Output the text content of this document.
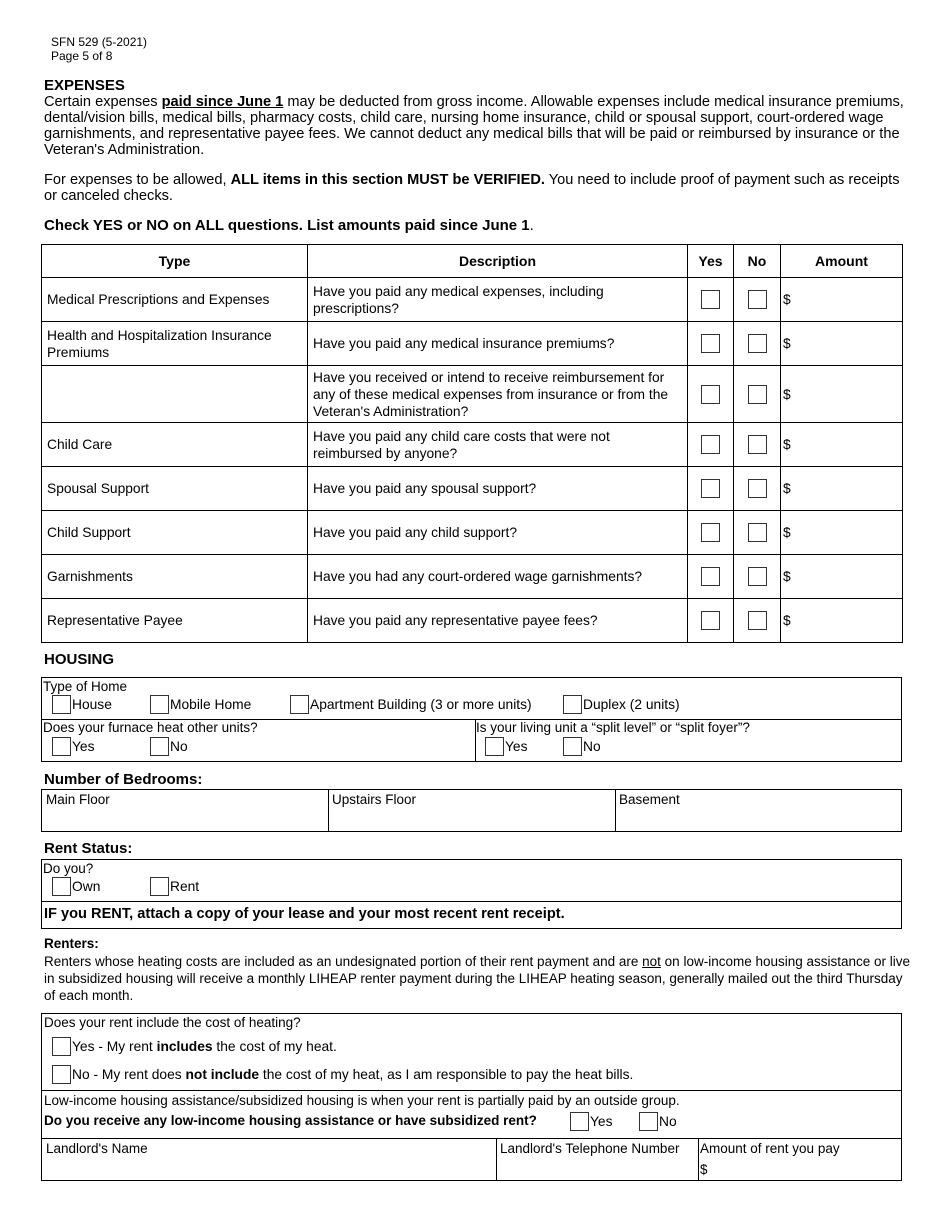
SFN 529 (5-2021)
Page 5 of 8
EXPENSES
Certain expenses paid since June 1 may be deducted from gross income. Allowable expenses include medical insurance premiums, dental/vision bills, medical bills, pharmacy costs, child care, nursing home insurance, child or spousal support, court-ordered wage garnishments, and representative payee fees. We cannot deduct any medical bills that will be paid or reimbursed by insurance or the Veteran's Administration.
For expenses to be allowed, ALL items in this section MUST be VERIFIED. You need to include proof of payment such as receipts or canceled checks.
Check YES or NO on ALL questions. List amounts paid since June 1.
Type	Description	Yes	No	Amount
Medical Prescriptions and Expenses	Have you paid any medical expenses, including prescriptions?			$
Health and Hospitalization Insurance Premiums	Have you paid any medical insurance premiums?			$
	Have you received or intend to receive reimbursement for any of these medical expenses from insurance or from the Veteran's Administration?			$
Child Care	Have you paid any child care costs that were not reimbursed by anyone?			$
Spousal Support	Have you paid any spousal support?			$
Child Support	Have you paid any child support?			$
Garnishments	Have you had any court-ordered wage garnishments?			$
Representative Payee	Have you paid any representative payee fees?			$
HOUSING
Type of Home
House	Mobile Home	Apartment Building (3 or more units)	Duplex (2 units)
Does your furnace heat other units?
Yes	No
Is your living unit a “split level” or “split foyer”?
Yes	No
Number of Bedrooms:
Main Floor	Upstairs Floor	Basement
Rent Status:
Do you?
Own	Rent
IF you RENT, attach a copy of your lease and your most recent rent receipt.
Renters:
Renters whose heating costs are included as an undesignated portion of their rent payment and are not on low-income housing assistance or live in subsidized housing will receive a monthly LIHEAP renter payment during the LIHEAP heating season, generally mailed out the third Thursday of each month.
Does your rent include the cost of heating?
Yes - My rent includes the cost of my heat.
No - My rent does not include the cost of my heat, as I am responsible to pay the heat bills.
Low-income housing assistance/subsidized housing is when your rent is partially paid by an outside group.
Do you receive any low-income housing assistance or have subsidized rent?	Yes	No
Landlord's Name	Landlord's Telephone Number Amount of rent you pay
$
